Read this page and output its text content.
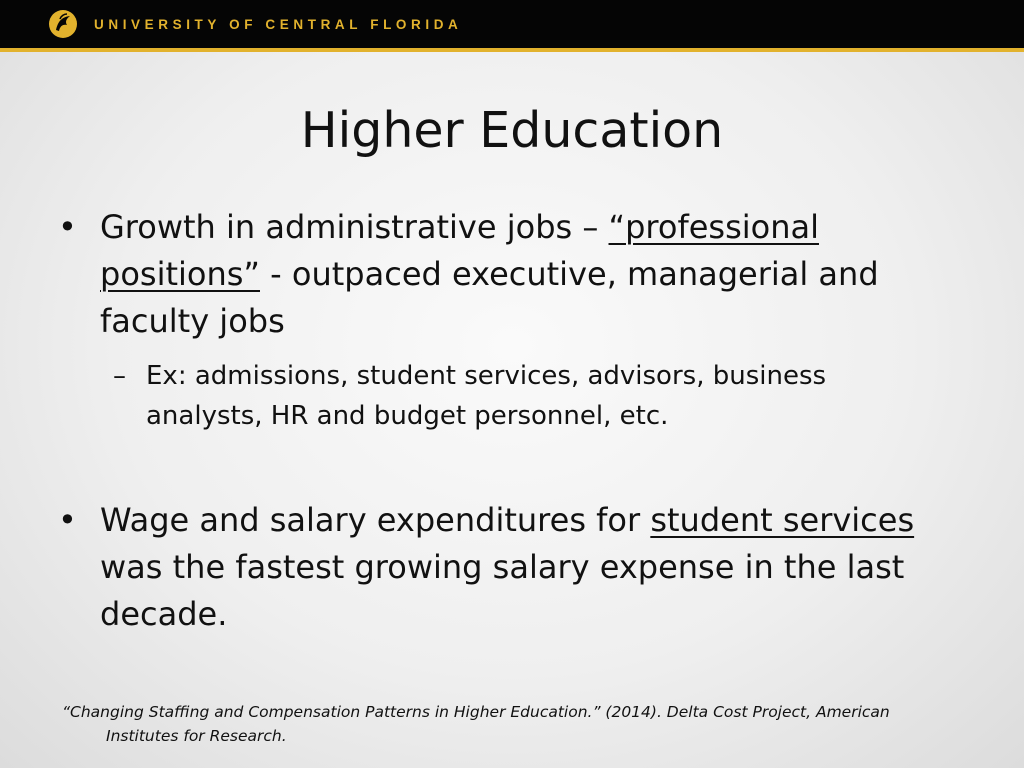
UNIVERSITY OF CENTRAL FLORIDA
Higher Education
• Growth in administrative jobs – “professional positions” - outpaced executive, managerial and faculty jobs
– Ex: admissions, student services, advisors, business analysts, HR and budget personnel, etc.
• Wage and salary expenditures for student services was the fastest growing salary expense in the last decade.
“Changing Staffing and Compensation Patterns in Higher Education.” (2014). Delta Cost Project, American
Institutes for Research.
